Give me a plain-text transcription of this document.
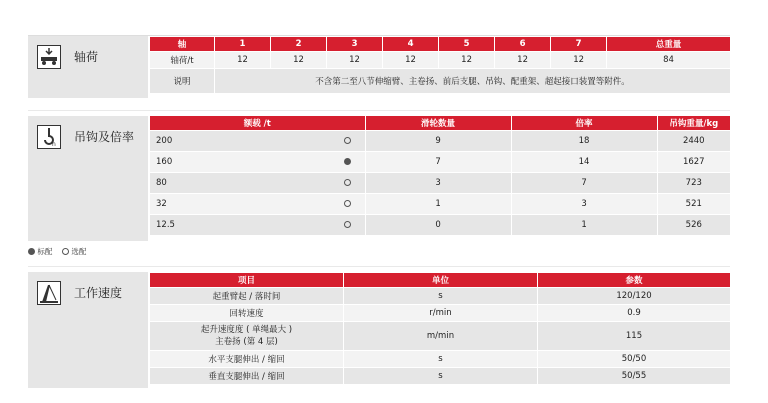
轴荷
轴	1	2	3	4	5	6	7	总重量
轴荷/t	12	12	12	12	12	12	12	84
说明	不含第二至八节伸缩臂、主卷扬、前后支腿、吊钩、配重架、超起接口装置等附件。							
n
吊钩及倍率
额载 /t		滑轮数量	倍率	吊钩重量/kg
200		9	18	2440
160		7	14	1627
80		3	7	723
32		1	3	521
12.5		0	1	526
标配	选配
工作速度
项目	单位	参数
起重臂起 / 落时间	s	120/120
回转速度	r/min	0.9
起升速度度 ( 单绳最大 )
主卷扬 (第 4 层)	m/min	115
水平支腿伸出 / 缩回	s	50/50
垂直支腿伸出 / 缩回	s	50/55
